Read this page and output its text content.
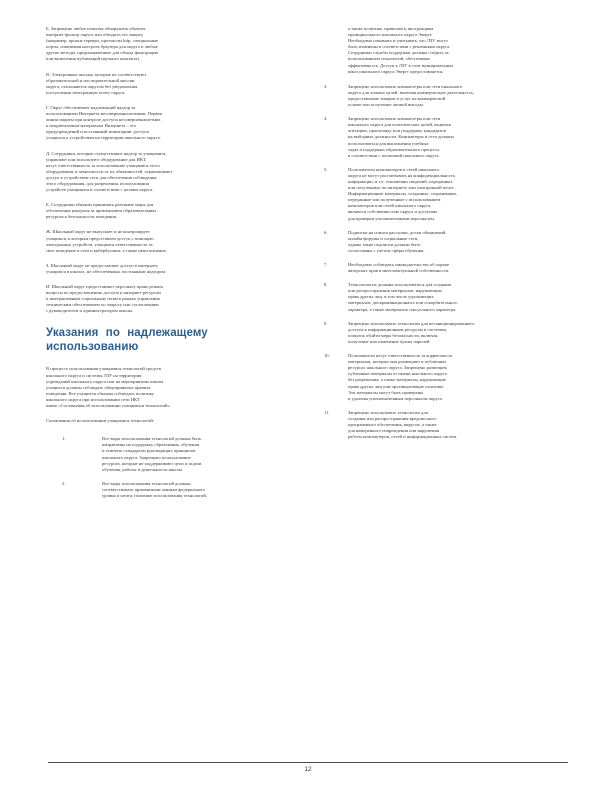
Б. Запрещено любое попытка обнаружить объекты
интернет-фильтр округа или обходить его защиту
(например, прокси-сервера, протоколы http, специальные
порты, изменения настроек браузера для округа и любые
другие методы, предназначенные для обхода фильтрации
или включения публикаций научного контента).

В. Электронные письма, которые не соответствуют
образовательной и последовательной миссии
округа, отклоняются округом без уведомления
поступления электронную почту округа.

Г. Округ обеспечивает надлежащий надзор за
использованием Интернета несовершеннолетними. Первая
линия защиты при контроле доступа несовершеннолетних
к неприемлемым материалам Интернета – это
предупреждений и постоянный мониторинг доступа
учащихся к устройствам на территории школьного округа.

Д. Сотрудники, которые осуществляют надзор за учащимися,
управляют или используют оборудование для ИКТ,
несут ответственность за использование учащимися этого
оборудования, в зависимости от их обязанностей, ограничивают
доступ к устройствам сети для обеспечения соблюдения
этого оборудования, для разрешения, использования
устройств учащимися в соответствии с целями округа.

Е. Сотрудники обязаны принимать разумные меры для
обеспечения контроля за применением образовательных
ресурсов к безопасности поведения.

Ж. Школьный округ не выпускает и не контролирует
учащимся, к которым предоставлен доступ с помощью
электронных устройств, учащимся ответственность за
свое поведение в сети и кибербуллинг, а также неисполнение.

З. Школьный округ не предоставляет доступ к интернету
учащимся в школах, не обеспеченных постоянным надзором.

И. Школьный округ предоставляет персоналу право решать
вопросы по предоставлению доступа к интернет-ресурсам
и интерактивным социальным сетям в рамках управления
техническим обеспечением по запросу или согласованию
с руководителем и администратором школы.

Указания по надлежащему использованию

В процессе использования учащимися технологий средств
школьного округа и системы ЛЗУ на территории
учреждений школьного округа или на мероприятиях школы
учащиеся должны соблюдать общепринятые правила
поведения. Все учащиеся обязаны соблюдать политику
школьного округа при использовании сети ИКТ
иначе «Соглашения об использовании учащимися технологий».

Соглашения об использовании учащимися технологий:

1.	Все виды использования технологий должны быть
направлены на поддержку образования, обучения
и отвечать стандартам руководящих принципов
школьного округа. Запрещено использование
ресурсов, которые не поддерживают цели и задачи
обучения, работы и деятельности школы.
2.	Все виды использования технологий должны
соответствовать применимым законам федерального
уровня и штата, политике использования технологий,

а также политике, правилам и инструкциям
муниципального школьного округа Эвергт.
Необходимо понимать и учитывать, что ЛЗУ могут
быть изменены в соответствии с решениями округа.
Сотрудники службы поддержки должны следить за
использованием технологий, обеспечивая
эффективность. Доступ к ЛЗУ в сети муниципальных
школ школьного округа Эвергт предоставляется.

3.	Запрещено использовать компьютеры или сети школьного
округа для личных целей, включая коммерческую деятельность,
предоставление товаров и услуг на коммерческой
основе или получение личной выгоды.
4.	Запрещено использовать компьютеры или сети
школьного округа для политических целей, включая
агитацию, пропаганду или поддержку кандидатов
на выборные должности. Компьютеры и сети должны
использоваться для выполнения учебных
задач и поддержки образовательного процесса
в соответствии с политикой школьного округа.
5.	Пользователи компьютеров и сетей школьного
округа не могут рассчитывать на конфиденциальность
информации, в т.ч. отношении сведений, переданных
или полученных по интернету или электронной почте.
Информационные материалы, созданные, сохраненные,
переданные или полученные с использованием
компьютеров или сетей школьного округа,
являются собственностью округа и доступны
для проверки уполномоченным персоналом.
6.	Подписки на списки рассылки, доски объявлений,
онлайн-форумы и социальные сети,
однако такие подписки должны быть
согласованы с учетом сферы обучения.
7.	Необходимо соблюдать законодательство об охране
авторских прав и интеллектуальной собственности.
8.	Технологии не должны использоваться для создания
или распространения материалов, нарушающих
права других лиц, в том числе угрожающих
материалов, дискриминационного или оскорбительного
характера, а также материалов сексуального характера.
9.	Запрещено использовать технологии для несанкционированного
доступа к информационным ресурсам и системам,
попыток обойти меры безопасности, включая
получение или изменение чужих паролей.
10.	Пользователи несут ответственность за корректность
материалов, которые они размещают в публичных
ресурсах школьного округа. Запрещено размещать
публичные материалы от имени школьного округа
без разрешения, а также материалы, нарушающие
права других лиц или противоречащие политике.
Эти материалы могут быть проверены
и удалены уполномоченным персоналом округа.
11.	Запрещено использовать технологии для
создания или распространения вредоносного
программного обеспечения, вирусов, а также
для намеренного повреждения или нарушения
работы компьютеров, сетей и информационных систем.
12
